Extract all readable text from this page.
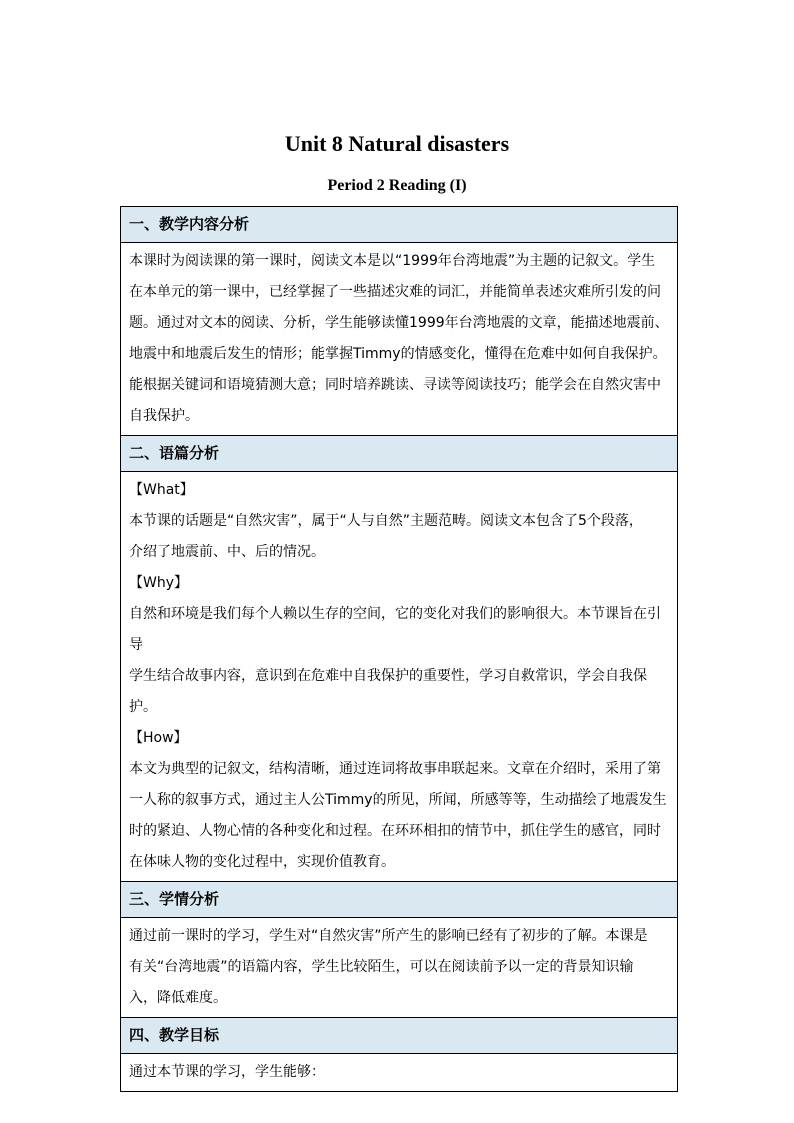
Unit 8 Natural disasters
Period 2 Reading (I)
一、教学内容分析

本课时为阅读课的第一课时，阅读文本是以“1999年台湾地震”为主题的记叙文。学生
在本单元的第一课中，已经掌握了一些描述灾难的词汇，并能简单表述灾难所引发的问
题。通过对文本的阅读、分析，学生能够读懂1999年台湾地震的文章，能描述地震前、
地震中和地震后发生的情形；能掌握Timmy的情感变化，懂得在危难中如何自我保护。
能根据关键词和语境猜测大意；同时培养跳读、寻读等阅读技巧；能学会在自然灾害中
自我保护。

二、语篇分析

【What】
本节课的话题是“自然灾害”，属于“人与自然”主题范畴。阅读文本包含了5个段落，
介绍了地震前、中、后的情况。
【Why】
自然和环境是我们每个人赖以生存的空间，它的变化对我们的影响很大。本节课旨在引导
学生结合故事内容，意识到在危难中自我保护的重要性，学习自救常识，学会自我保护。
【How】
本文为典型的记叙文，结构清晰，通过连词将故事串联起来。文章在介绍时，采用了第
一人称的叙事方式，通过主人公Timmy的所见，所闻，所感等等，生动描绘了地震发生
时的紧迫、人物心情的各种变化和过程。在环环相扣的情节中，抓住学生的感官，同时
在体味人物的变化过程中，实现价值教育。

三、学情分析

通过前一课时的学习，学生对“自然灾害”所产生的影响已经有了初步的了解。本课是
有关“台湾地震”的语篇内容，学生比较陌生，可以在阅读前予以一定的背景知识输
入，降低难度。

四、教学目标

通过本节课的学习，学生能够：
